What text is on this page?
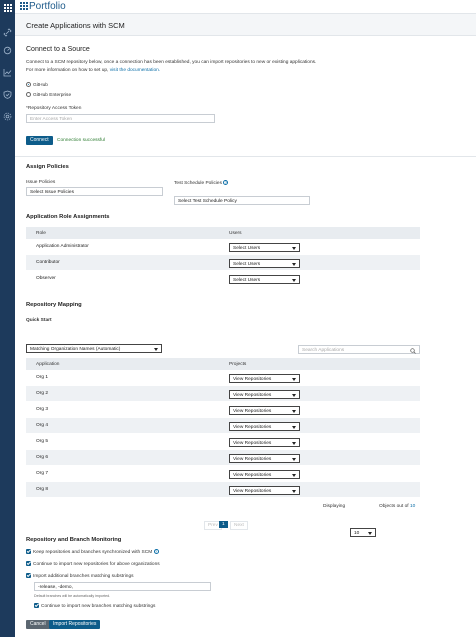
Portfolio
Create Applications with SCM
Connect to a Source
Connect to a SCM repository below, once a connection has been established, you can import repositories to new or existing applications.
For more information on how to set up, visit the documentation.
GitHub
GitHub Enterprise
*Repository Access Token
Enter Access Token
Connect	Connection successful
Assign Policies
Issue Policies
Select Issue Policies
Test Schedule Policies ?
Select Test Schedule Policy
Application Role Assignments
Role	Users
Application Administrator	Select Users
Contributor	Select Users
Observer	Select Users
Repository Mapping
Quick Start
Matching Organization Names (Automatic)	Search Applications
Application	Projects
Org 1	View Repositories
Org 2	View Repositories
Org 3	View Repositories
Org 4	View Repositories
Org 5	View Repositories
Org 6	View Repositories
Org 7	View Repositories
Org 8	View Repositories
Displaying
10
Objects out of 10
Prev 1	Next
Repository and Branch Monitoring
Keep repositories and branches synchronized with SCM ?
Continue to import new repositories for above organizations
Import additional branches matching substrings
-release, -demo,
Default branches will be automatically imported.
Continue to import new branches matching substrings
Cancel	Import Repositories
